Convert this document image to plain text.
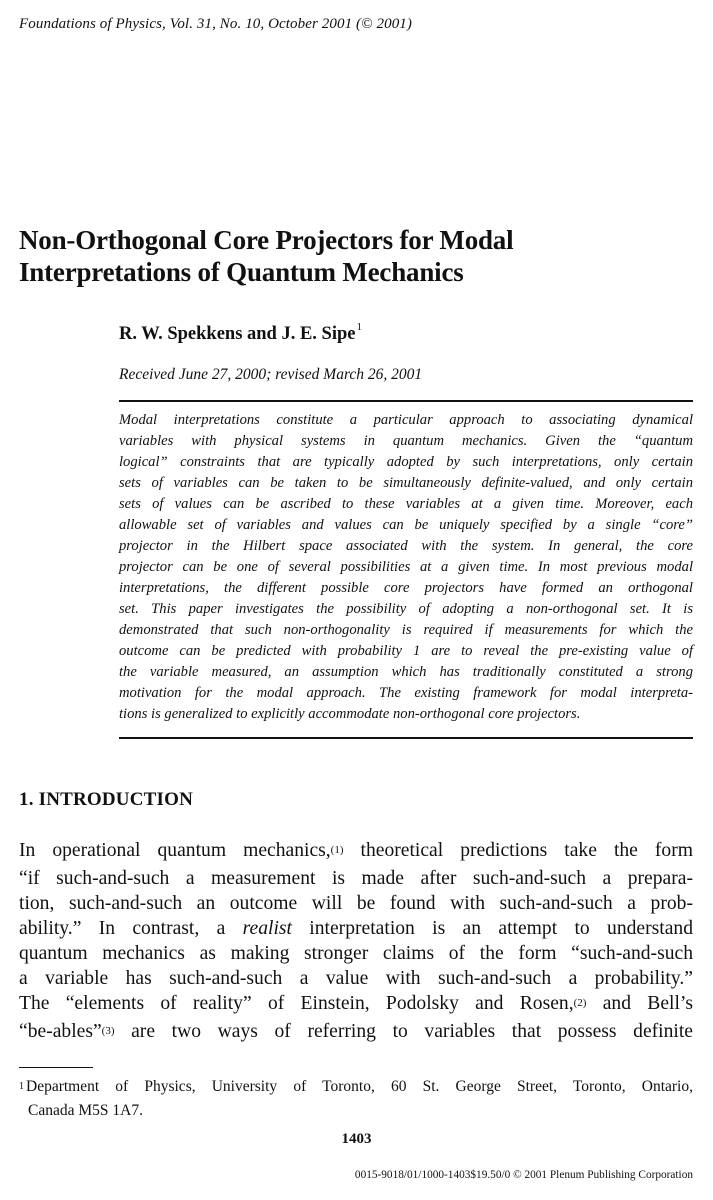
Foundations of Physics, Vol. 31, No. 10, October 2001 (© 2001)
Non-Orthogonal Core Projectors for Modal
Interpretations of Quantum Mechanics
R. W. Spekkens and J. E. Sipe$^1$
Received June 27, 2000; revised March 26, 2001
Modal interpretations constitute a particular approach to associating dynamical
variables with physical systems in quantum mechanics. Given the “quantum
logical” constraints that are typically adopted by such interpretations, only certain
sets of variables can be taken to be simultaneously definite-valued, and only certain
sets of values can be ascribed to these variables at a given time. Moreover, each
allowable set of variables and values can be uniquely specified by a single “core”
projector in the Hilbert space associated with the system. In general, the core
projector can be one of several possibilities at a given time. In most previous modal
interpretations, the different possible core projectors have formed an orthogonal
set. This paper investigates the possibility of adopting a non-orthogonal set. It is
demonstrated that such non-orthogonality is required if measurements for which the
outcome can be predicted with probability 1 are to reveal the pre-existing value of
the variable measured, an assumption which has traditionally constituted a strong
motivation for the modal approach. The existing framework for modal interpreta-
tions is generalized to explicitly accommodate non-orthogonal core projectors.
1. INTRODUCTION
In operational quantum mechanics,$^{(1)}$ theoretical predictions take the form
“if such-and-such a measurement is made after such-and-such a prepara-
tion, such-and-such an outcome will be found with such-and-such a prob-
ability.” In contrast, a realist interpretation is an attempt to understand
quantum mechanics as making stronger claims of the form “such-and-such
a variable has such-and-such a value with such-and-such a probability.”
The “elements of reality” of Einstein, Podolsky and Rosen,$^{(2)}$ and Bell’s
“be-ables”$^{(3)}$ are two ways of referring to variables that possess definite
$^1$ Department of Physics, University of Toronto, 60 St. George Street, Toronto, Ontario,
Canada M5S 1A7.
1403
0015-9018/01/1000-1403$19.50/0 © 2001 Plenum Publishing Corporation
